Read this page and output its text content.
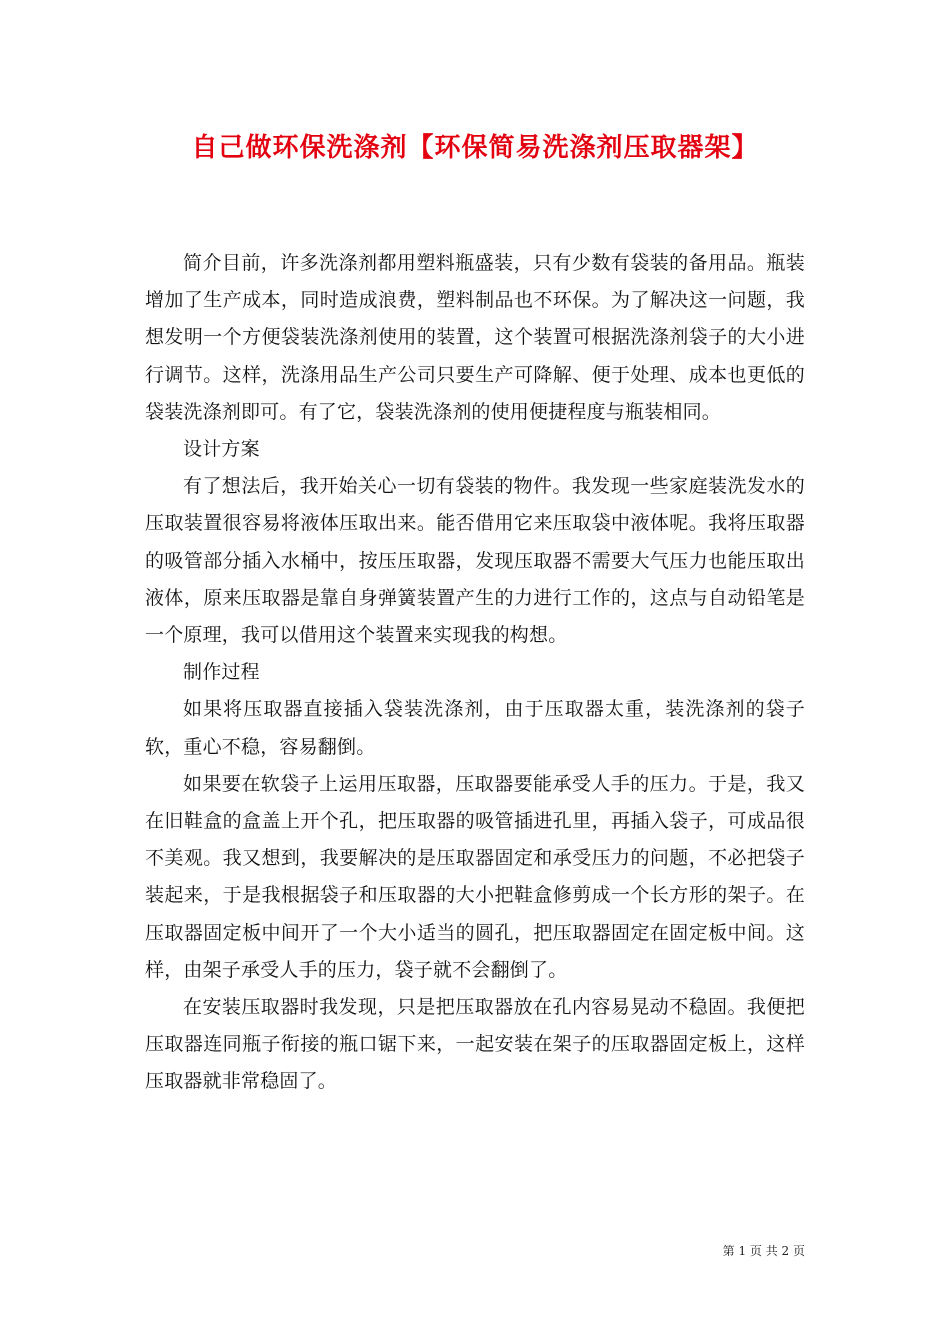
自己做环保洗涤剂【环保简易洗涤剂压取器架】

简介目前，许多洗涤剂都用塑料瓶盛装，只有少数有袋装的备用品。瓶装增加了生产成本，同时造成浪费，塑料制品也不环保。为了解决这一问题，我想发明一个方便袋装洗涤剂使用的装置，这个装置可根据洗涤剂袋子的大小进行调节。这样，洗涤用品生产公司只要生产可降解、便于处理、成本也更低的袋装洗涤剂即可。有了它，袋装洗涤剂的使用便捷程度与瓶装相同。

设计方案

有了想法后，我开始关心一切有袋装的物件。我发现一些家庭装洗发水的压取装置很容易将液体压取出来。能否借用它来压取袋中液体呢。我将压取器的吸管部分插入水桶中，按压压取器，发现压取器不需要大气压力也能压取出液体，原来压取器是靠自身弹簧装置产生的力进行工作的，这点与自动铅笔是一个原理，我可以借用这个装置来实现我的构想。

制作过程

如果将压取器直接插入袋装洗涤剂，由于压取器太重，装洗涤剂的袋子软，重心不稳，容易翻倒。

如果要在软袋子上运用压取器，压取器要能承受人手的压力。于是，我又在旧鞋盒的盒盖上开个孔，把压取器的吸管插进孔里，再插入袋子，可成品很不美观。我又想到，我要解决的是压取器固定和承受压力的问题，不必把袋子装起来，于是我根据袋子和压取器的大小把鞋盒修剪成一个长方形的架子。在压取器固定板中间开了一个大小适当的圆孔，把压取器固定在固定板中间。这样，由架子承受人手的压力，袋子就不会翻倒了。

在安装压取器时我发现，只是把压取器放在孔内容易晃动不稳固。我便把压取器连同瓶子衔接的瓶口锯下来，一起安装在架子的压取器固定板上，这样压取器就非常稳固了。

第 1 页 共 2 页
